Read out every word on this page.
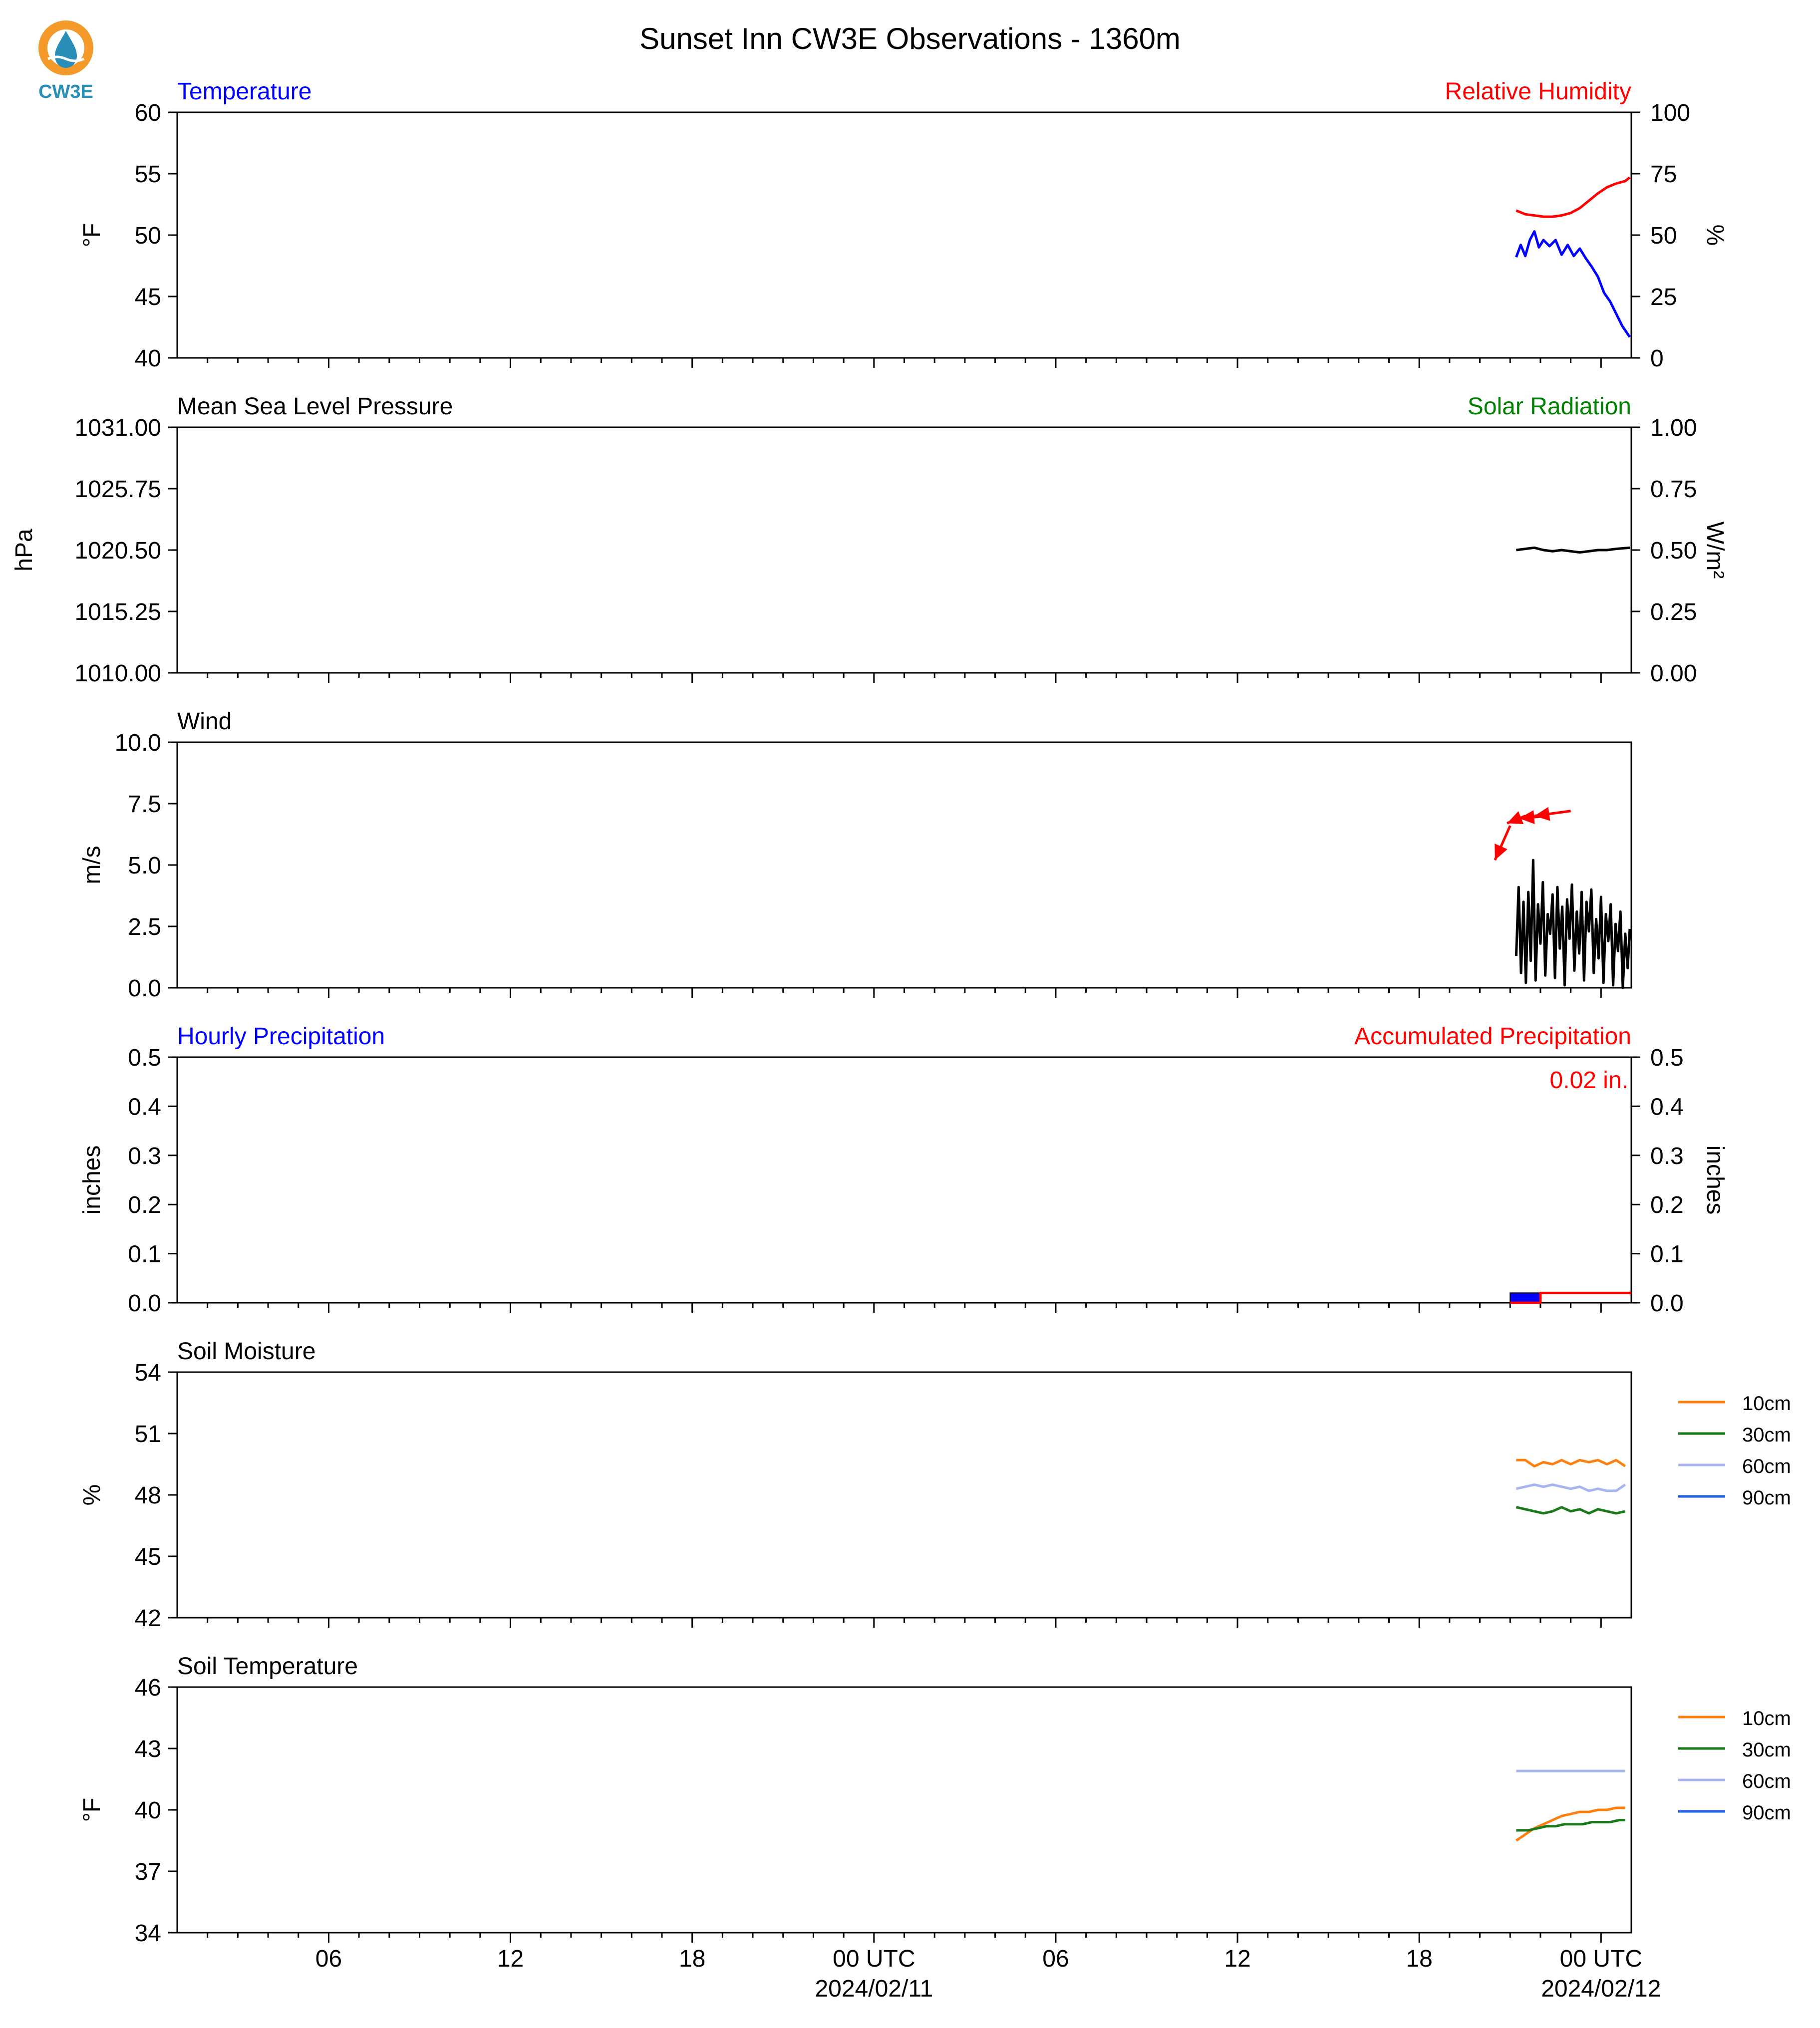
CW3E
Sunset Inn CW3E Observations - 1360m
Temperature	Relative Humidity
40
45
50
55
60
0
25
50
75
100
°F	%
Mean Sea Level Pressure	Solar Radiation
1010.00
1015.25
1020.50
1025.75
1031.00
0.00
0.25
0.50
0.75
1.00
hPa	W/m²
Wind
0.0
2.5
5.0
7.5
10.0
m/s
Hourly Precipitation	Accumulated Precipitation
0.0
0.1
0.2
0.3
0.4
0.5
0.0
0.1
0.2
0.3
0.4
0.5
inches	inches
0.02 in.
Soil Moisture
42
45
48
51
54
%
10cm
30cm
60cm
90cm
Soil Temperature
34
37
40
43
46
°F
10cm
30cm
60cm
90cm
06	12	18	00 UTC
2024/02/11
06	12	18	00 UTC
2024/02/12
